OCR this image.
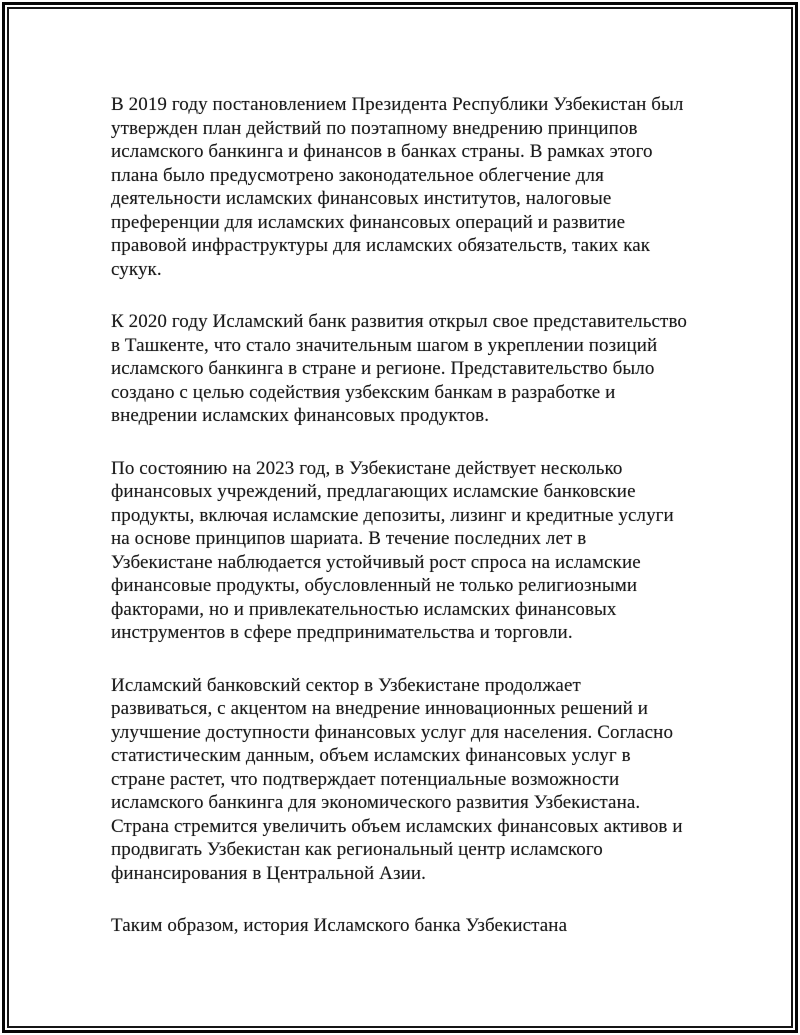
В 2019 году постановлением Президента Республики Узбекистан был утвержден план действий по поэтапному внедрению принципов исламского банкинга и финансов в банках страны. В рамках этого плана было предусмотрено законодательное облегчение для деятельности исламских финансовых институтов, налоговые преференции для исламских финансовых операций и развитие правовой инфраструктуры для исламских обязательств, таких как сукук.

К 2020 году Исламский банк развития открыл свое представительство в Ташкенте, что стало значительным шагом в укреплении позиций исламского банкинга в стране и регионе. Представительство было создано с целью содействия узбекским банкам в разработке и внедрении исламских финансовых продуктов.

По состоянию на 2023 год, в Узбекистане действует несколько финансовых учреждений, предлагающих исламские банковские продукты, включая исламские депозиты, лизинг и кредитные услуги на основе принципов шариата. В течение последних лет в Узбекистане наблюдается устойчивый рост спроса на исламские финансовые продукты, обусловленный не только религиозными факторами, но и привлекательностью исламских финансовых инструментов в сфере предпринимательства и торговли.

Исламский банковский сектор в Узбекистане продолжает развиваться, с акцентом на внедрение инновационных решений и улучшение доступности финансовых услуг для населения. Согласно статистическим данным, объем исламских финансовых услуг в стране растет, что подтверждает потенциальные возможности исламского банкинга для экономического развития Узбекистана. Страна стремится увеличить объем исламских финансовых активов и продвигать Узбекистан как региональный центр исламского финансирования в Центральной Азии.

Таким образом, история Исламского банка Узбекистана
